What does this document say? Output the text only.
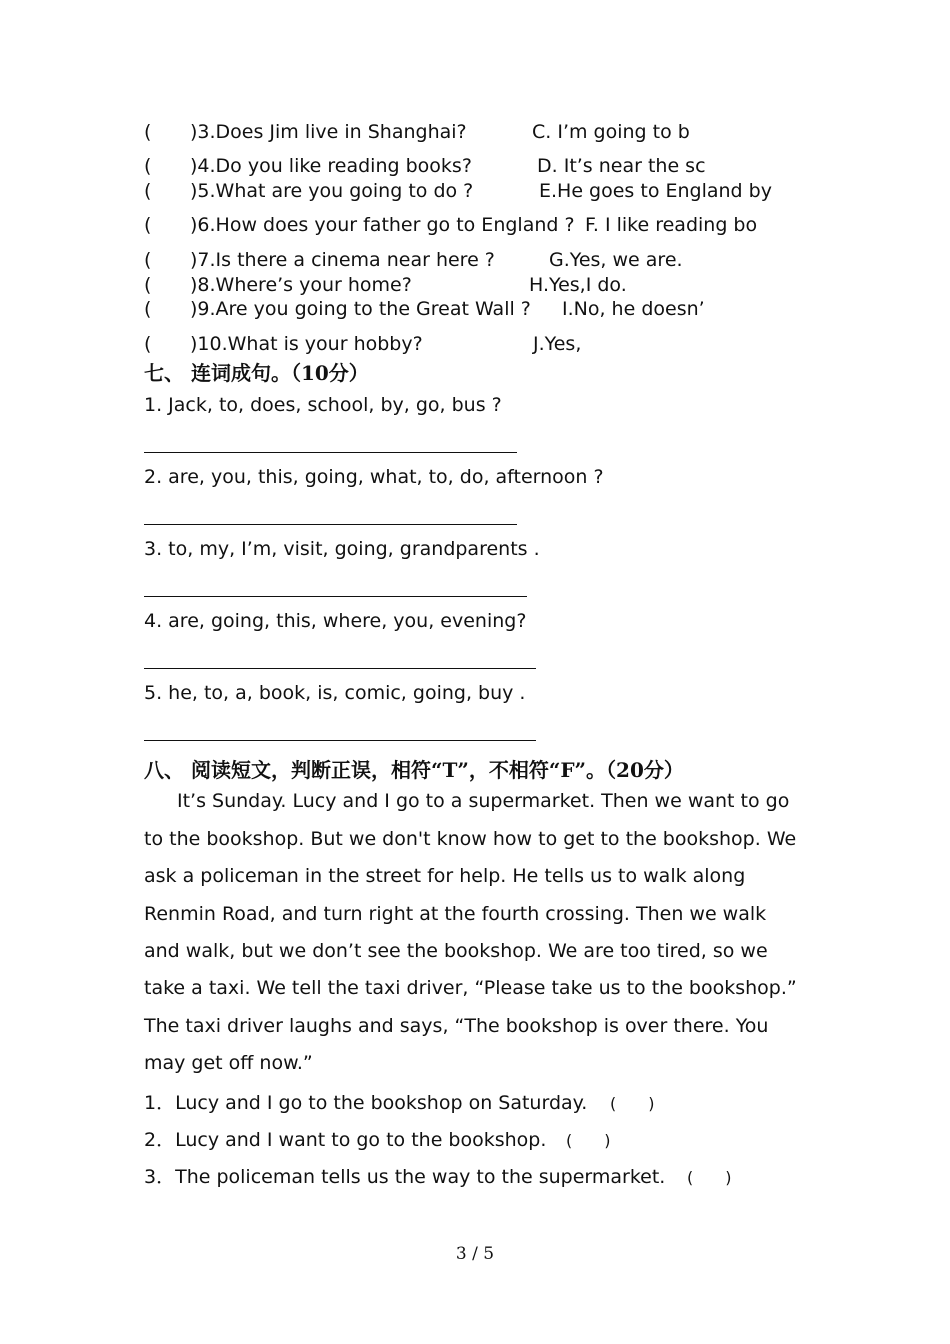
( )3.Does Jim live in Shanghai?	C. I’m going to b
( )4.Do you like reading books?	D. It’s near the sc
( )5.What are you going to do ?	E.He goes to England by
( )6.How does your father go to England ? F. I like reading bo
( )7.Is there a cinema near here ?	G.Yes, we are.
( )8.Where’s your home?	H.Yes,I do.
( )9.Are you going to the Great Wall ? I.No, he doesn’
( )10.What is your hobby?	J.Yes,
七、 连词成句。（10分）
1. Jack, to, does, school, by, go, bus ?
2. are, you, this, going, what, to, do, afternoon ?
3. to, my, I’m, visit, going, grandparents .
4. are, going, this, where, you, evening?
5. he, to, a, book, is, comic, going, buy .
八、 阅读短文，判断正误，相符“T”，不相符“F”。（20分）
It’s Sunday. Lucy and I go to a supermarket. Then we want to go
to the bookshop. But we don't know how to get to the bookshop. We
ask a policeman in the street for help. He tells us to walk along
Renmin Road, and turn right at the fourth crossing. Then we walk
and walk, but we don’t see the bookshop. We are too tired, so we
take a taxi. We tell the taxi driver, “Please take us to the bookshop.”
The taxi driver laughs and says, “The bookshop is over there. You
may get off now.”
1．Lucy and I go to the bookshop on Saturday. (　　)
2．Lucy and I want to go to the bookshop. (　　)
3．The policeman tells us the way to the supermarket. (　　)
3 / 5
